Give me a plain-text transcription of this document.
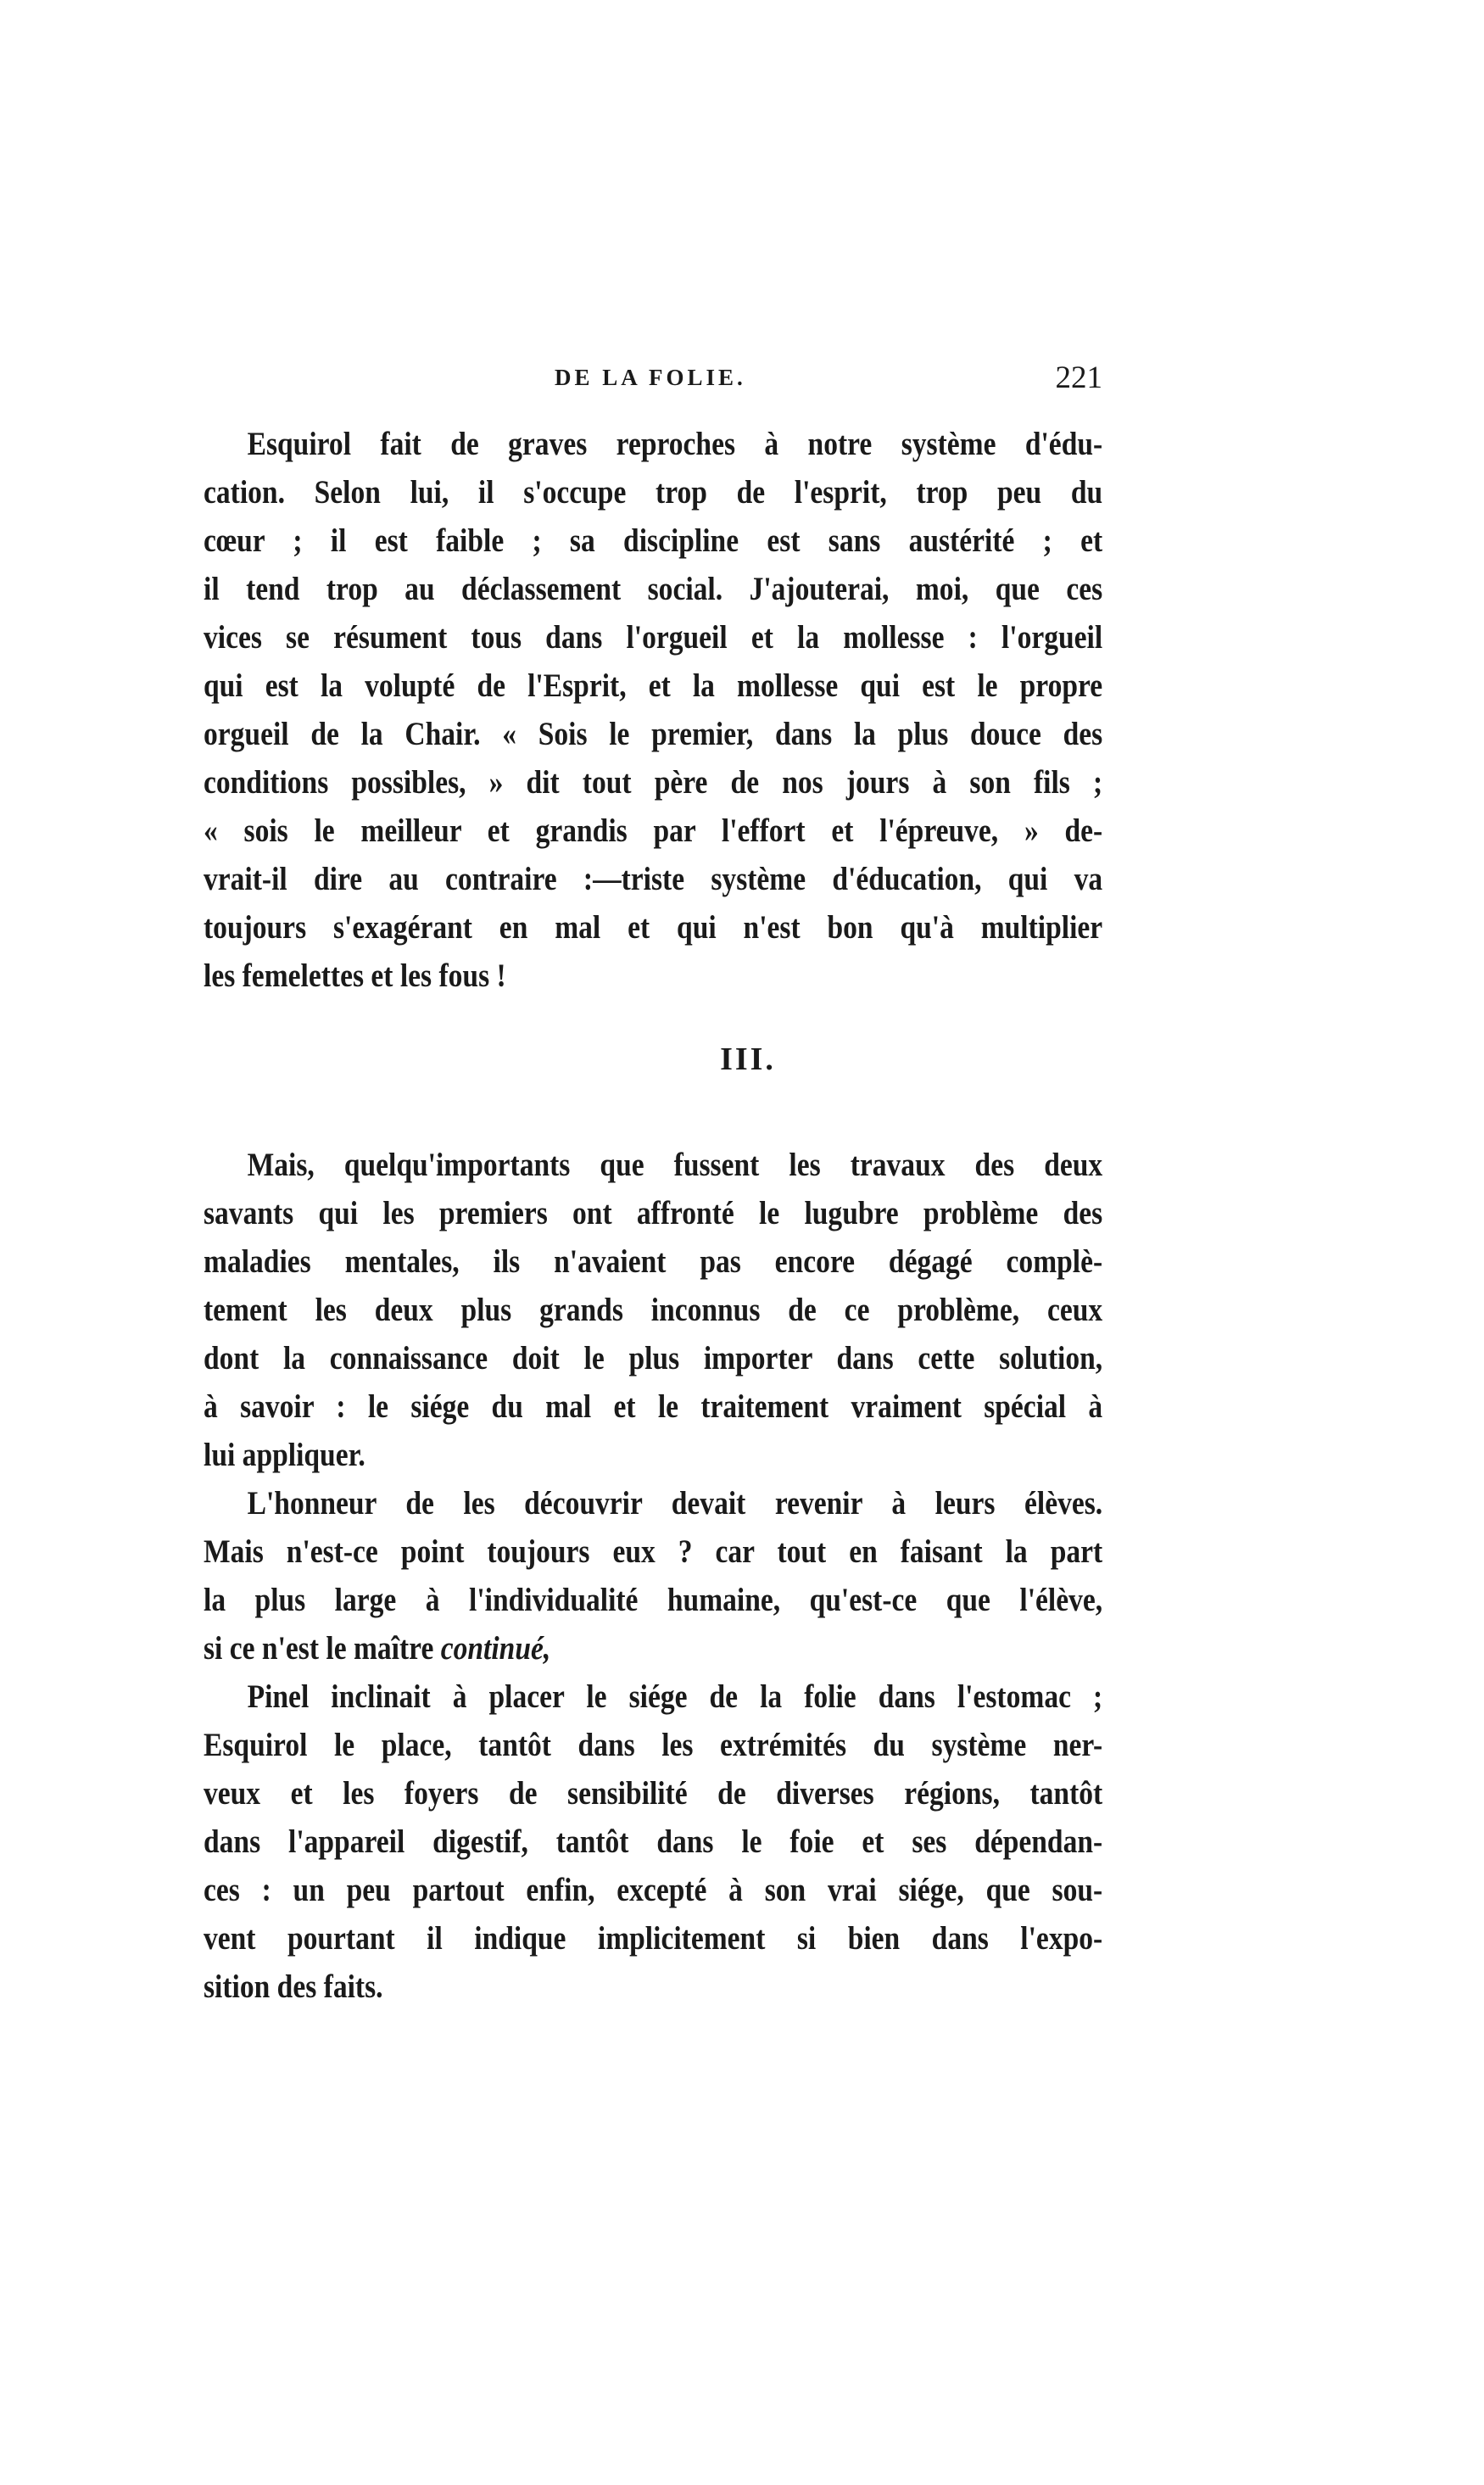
DE LA FOLIE.	221
Esquirol fait de graves reproches à notre système d'édu-
cation. Selon lui, il s'occupe trop de l'esprit, trop peu du
cœur ; il est faible ; sa discipline est sans austérité ; et
il tend trop au déclassement social. J'ajouterai, moi, que ces
vices se résument tous dans l'orgueil et la mollesse : l'orgueil
qui est la volupté de l'Esprit, et la mollesse qui est le propre
orgueil de la Chair. « Sois le premier, dans la plus douce des
conditions possibles, » dit tout père de nos jours à son fils ;
« sois le meilleur et grandis par l'effort et l'épreuve, » de-
vrait-il dire au contraire :—triste système d'éducation, qui va
toujours s'exagérant en mal et qui n'est bon qu'à multiplier
les femelettes et les fous !
III.
Mais, quelqu'importants que fussent les travaux des deux
savants qui les premiers ont affronté le lugubre problème des
maladies mentales, ils n'avaient pas encore dégagé complè-
tement les deux plus grands inconnus de ce problème, ceux
dont la connaissance doit le plus importer dans cette solution,
à savoir : le siége du mal et le traitement vraiment spécial à
lui appliquer.
L'honneur de les découvrir devait revenir à leurs élèves.
Mais n'est-ce point toujours eux ? car tout en faisant la part
la plus large à l'individualité humaine, qu'est-ce que l'élève,
si ce n'est le maître continué,
Pinel inclinait à placer le siége de la folie dans l'estomac ;
Esquirol le place, tantôt dans les extrémités du système ner-
veux et les foyers de sensibilité de diverses régions, tantôt
dans l'appareil digestif, tantôt dans le foie et ses dépendan-
ces : un peu partout enfin, excepté à son vrai siége, que sou-
vent pourtant il indique implicitement si bien dans l'expo-
sition des faits.
